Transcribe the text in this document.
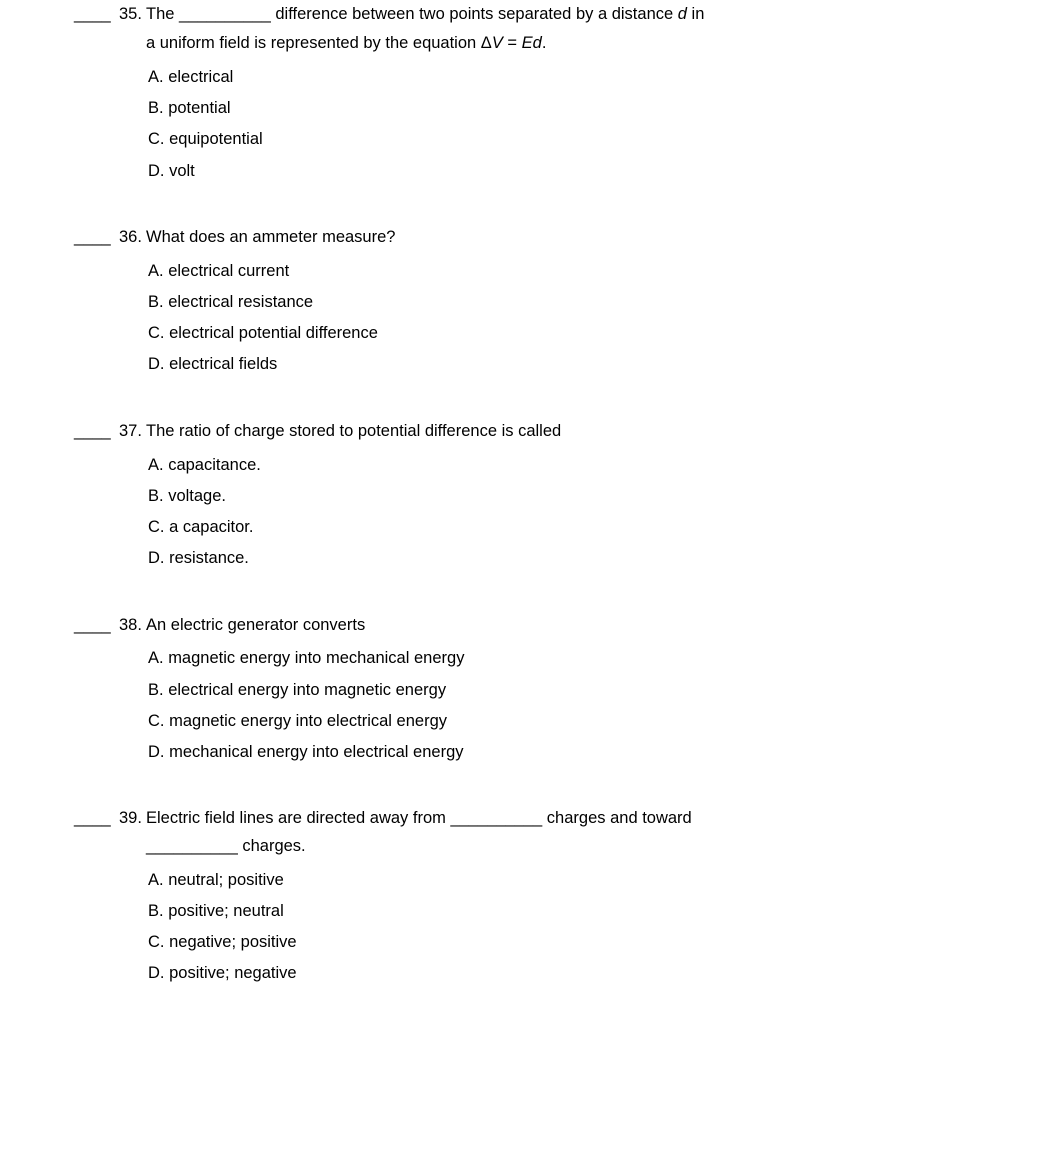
____ 35. The __________ difference between two points separated by a distance d in
a uniform field is represented by the equation ΔV = Ed.
A. electrical
B. potential
C. equipotential
D. volt
____ 36. What does an ammeter measure?
A. electrical current
B. electrical resistance
C. electrical potential difference
D. electrical fields
____ 37. The ratio of charge stored to potential difference is called
A. capacitance.
B. voltage.
C. a capacitor.
D. resistance.
____ 38. An electric generator converts
A. magnetic energy into mechanical energy
B. electrical energy into magnetic energy
C. magnetic energy into electrical energy
D. mechanical energy into electrical energy
____ 39. Electric field lines are directed away from __________ charges and toward
__________ charges.
A. neutral; positive
B. positive; neutral
C. negative; positive
D. positive; negative
